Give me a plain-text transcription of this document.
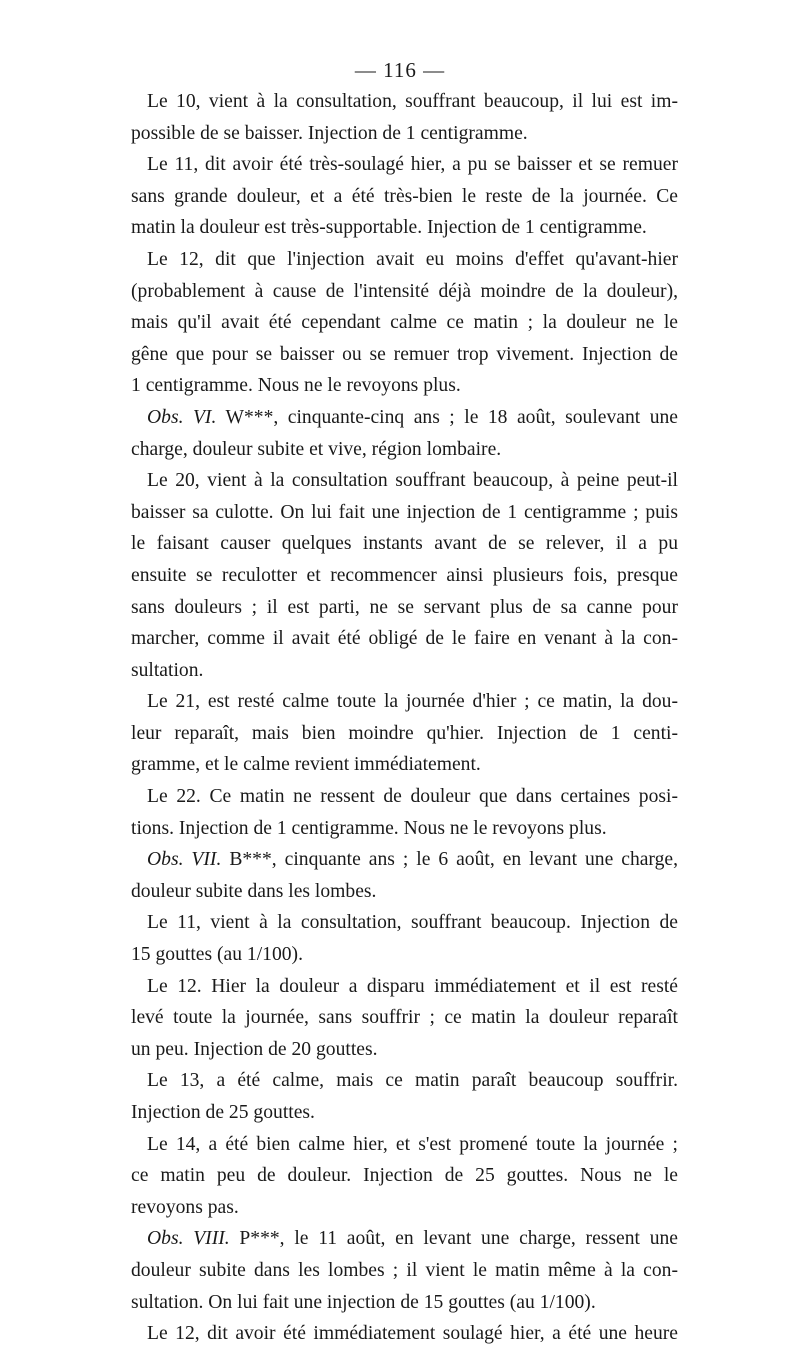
— 116 —
Le 10, vient à la consultation, souffrant beaucoup, il lui est im-
possible de se baisser. Injection de 1 centigramme.
Le 11, dit avoir été très-soulagé hier, a pu se baisser et se remuer
sans grande douleur, et a été très-bien le reste de la journée. Ce
matin la douleur est très-supportable. Injection de 1 centigramme.
Le 12, dit que l'injection avait eu moins d'effet qu'avant-hier
(probablement à cause de l'intensité déjà moindre de la douleur),
mais qu'il avait été cependant calme ce matin ; la douleur ne le
gêne que pour se baisser ou se remuer trop vivement. Injection de
1 centigramme. Nous ne le revoyons plus.
Obs. VI. W***, cinquante-cinq ans ; le 18 août, soulevant une
charge, douleur subite et vive, région lombaire.
Le 20, vient à la consultation souffrant beaucoup, à peine peut-il
baisser sa culotte. On lui fait une injection de 1 centigramme ; puis
le faisant causer quelques instants avant de se relever, il a pu
ensuite se reculotter et recommencer ainsi plusieurs fois, presque
sans douleurs ; il est parti, ne se servant plus de sa canne pour
marcher, comme il avait été obligé de le faire en venant à la con-
sultation.
Le 21, est resté calme toute la journée d'hier ; ce matin, la dou-
leur reparaît, mais bien moindre qu'hier. Injection de 1 centi-
gramme, et le calme revient immédiatement.
Le 22. Ce matin ne ressent de douleur que dans certaines posi-
tions. Injection de 1 centigramme. Nous ne le revoyons plus.
Obs. VII. B***, cinquante ans ; le 6 août, en levant une charge,
douleur subite dans les lombes.
Le 11, vient à la consultation, souffrant beaucoup. Injection de
15 gouttes (au 1/100).
Le 12. Hier la douleur a disparu immédiatement et il est resté
levé toute la journée, sans souffrir ; ce matin la douleur reparaît
un peu. Injection de 20 gouttes.
Le 13, a été calme, mais ce matin paraît beaucoup souffrir.
Injection de 25 gouttes.
Le 14, a été bien calme hier, et s'est promené toute la journée ;
ce matin peu de douleur. Injection de 25 gouttes. Nous ne le
revoyons pas.
Obs. VIII. P***, le 11 août, en levant une charge, ressent une
douleur subite dans les lombes ; il vient le matin même à la con-
sultation. On lui fait une injection de 15 gouttes (au 1/100).
Le 12, dit avoir été immédiatement soulagé hier, a été une heure
